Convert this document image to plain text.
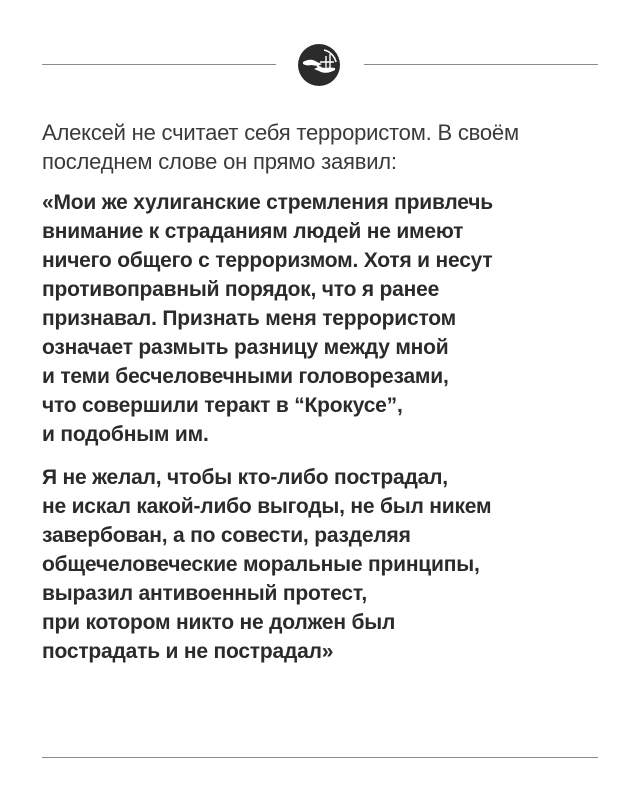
Алексей не считает себя террористом. В своём
последнем слове он прямо заявил:

«Мои же хулиганские стремления привлечь
внимание к страданиям людей не имеют
ничего общего с терроризмом. Хотя и несут
противоправный порядок, что я ранее
признавал. Признать меня террористом
означает размыть разницу между мной
и теми бесчеловечными головорезами,
что совершили теракт в “Крокусе”,
и подобным им.

Я не желал, чтобы кто-либо пострадал,
не искал какой-либо выгоды, не был никем
завербован, а по совести, разделяя
общечеловеческие моральные принципы,
выразил антивоенный протест,
при котором никто не должен был
пострадать и не пострадал»
